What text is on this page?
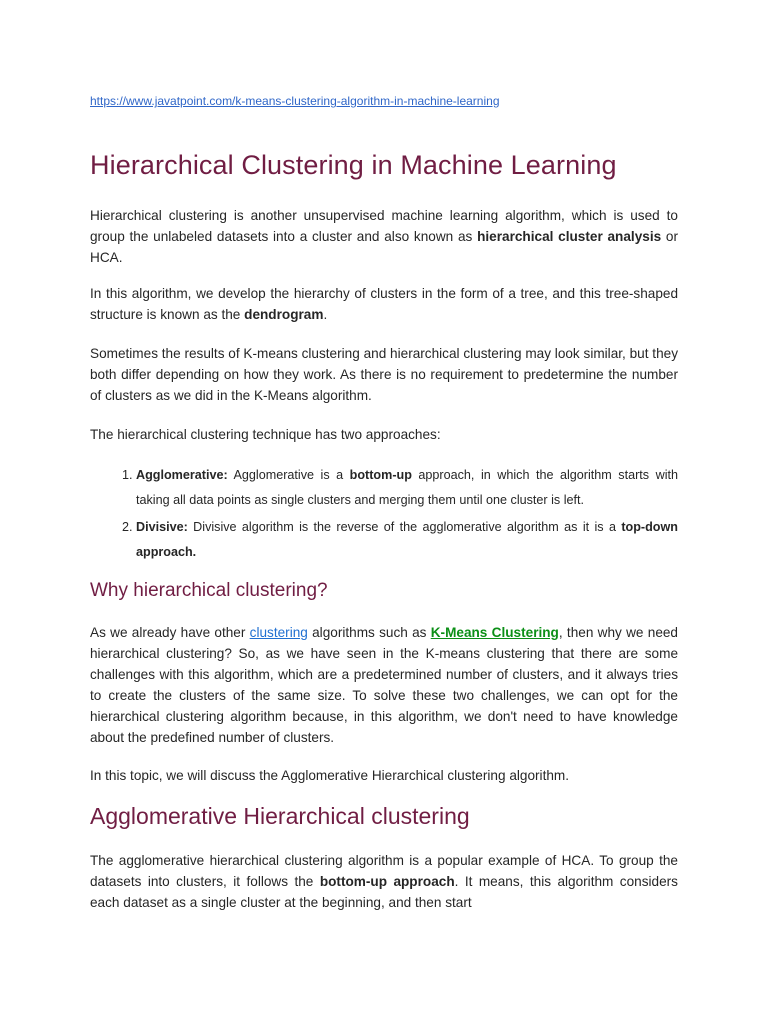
https://www.javatpoint.com/k-means-clustering-algorithm-in-machine-learning
Hierarchical Clustering in Machine Learning

Hierarchical clustering is another unsupervised machine learning algorithm, which is used to group the unlabeled datasets into a cluster and also known as hierarchical cluster analysis or HCA.

In this algorithm, we develop the hierarchy of clusters in the form of a tree, and this tree-shaped structure is known as the dendrogram.

Sometimes the results of K-means clustering and hierarchical clustering may look similar, but they both differ depending on how they work. As there is no requirement to predetermine the number of clusters as we did in the K-Means algorithm.

The hierarchical clustering technique has two approaches:

1. Agglomerative: Agglomerative is a bottom-up approach, in which the algorithm starts with taking all data points as single clusters and merging them until one cluster is left.
2. Divisive: Divisive algorithm is the reverse of the agglomerative algorithm as it is a top-down approach.
Why hierarchical clustering?

As we already have other clustering algorithms such as K-Means Clustering, then why we need hierarchical clustering? So, as we have seen in the K-means clustering that there are some challenges with this algorithm, which are a predetermined number of clusters, and it always tries to create the clusters of the same size. To solve these two challenges, we can opt for the hierarchical clustering algorithm because, in this algorithm, we don't need to have knowledge about the predefined number of clusters.

In this topic, we will discuss the Agglomerative Hierarchical clustering algorithm.

Agglomerative Hierarchical clustering

The agglomerative hierarchical clustering algorithm is a popular example of HCA. To group the datasets into clusters, it follows the bottom-up approach. It means, this algorithm considers each dataset as a single cluster at the beginning, and then start
